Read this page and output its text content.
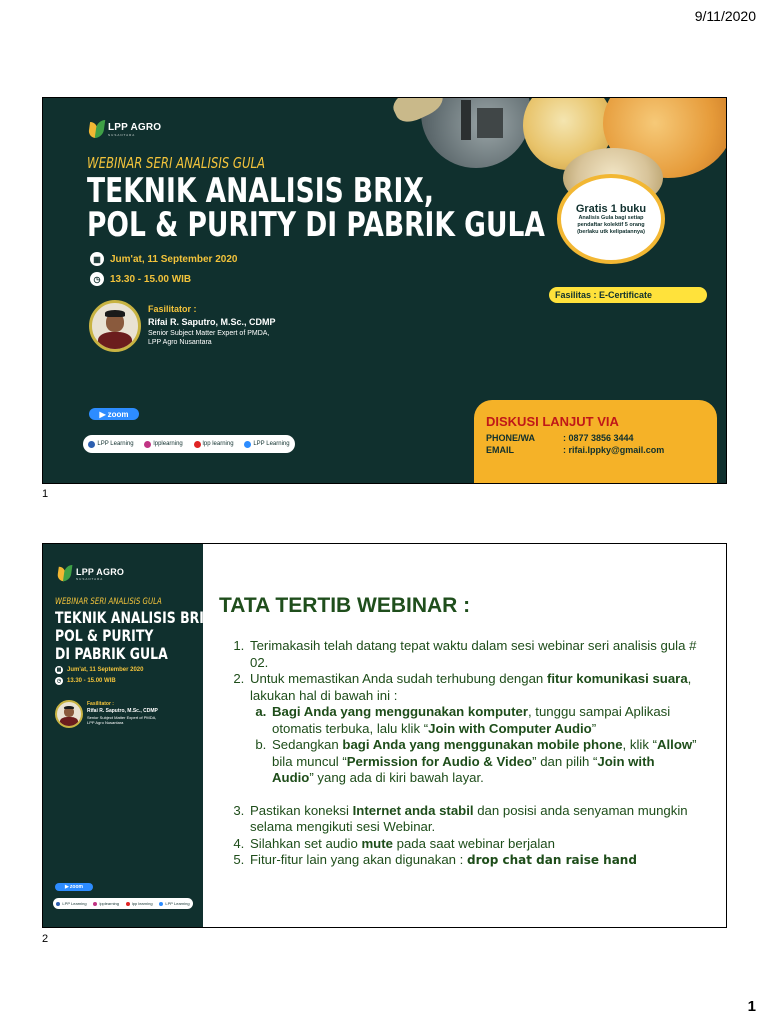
9/11/2020
LPP AGRO
NUSANTARA
WEBINAR SERI ANALISIS GULA
TEKNIK ANALISIS BRIX,
POL & PURITY DI PABRIK GULA
▦ Jum'at, 11 September 2020
◷ 13.30 - 15.00 WIB
Fasilitator :
Rifai R. Saputro, M.Sc., CDMP
Senior Subject Matter Expert of PMDA,
LPP Agro Nusantara
▶ zoom
LPP Learning	lpplearning	lpp learning	LPP Learning
Gratis 1 buku
Analisis Gula bagi setiap
pendaftar kolektif 5 orang
(berlaku utk kelipatannya)
Fasilitas : E-Certificate
DISKUSI LANJUT VIA
PHONE/WA	: 0877 3856 3444
EMAIL	: rifai.lppky@gmail.com
1
LPP AGRO
NUSANTARA
WEBINAR SERI ANALISIS GULA
TEKNIK ANALISIS BRIX,
POL & PURITY
DI PABRIK GULA
▦ Jum'at, 11 September 2020
◷ 13.30 - 15.00 WIB
Fasilitator :
Rifai R. Saputro, M.Sc., CDMP
Senior Subject Matter Expert of PMDA,
LPP Agro Nusantara
▶ zoom
LPP Learning	lpplearning	lpp learning	LPP Learning
TATA TERTIB WEBINAR :
1. Terimakasih telah datang tepat waktu dalam sesi webinar seri analisis gula # 02.
2. Untuk memastikan Anda sudah terhubung dengan fitur komunikasi suara, lakukan hal di bawah ini :
a. Bagi Anda yang menggunakan komputer, tunggu sampai Aplikasi otomatis terbuka, lalu klik “Join with Computer Audio”
b. Sedangkan bagi Anda yang menggunakan mobile phone, klik “Allow” bila muncul “Permission for Audio & Video” dan pilih “Join with Audio” yang ada di kiri bawah layar.
3. Pastikan koneksi Internet anda stabil dan posisi anda senyaman mungkin selama mengikuti sesi Webinar.
4. Silahkan set audio mute pada saat webinar berjalan
5. Fitur-fitur lain yang akan digunakan : drop chat dan raise hand
2
1
